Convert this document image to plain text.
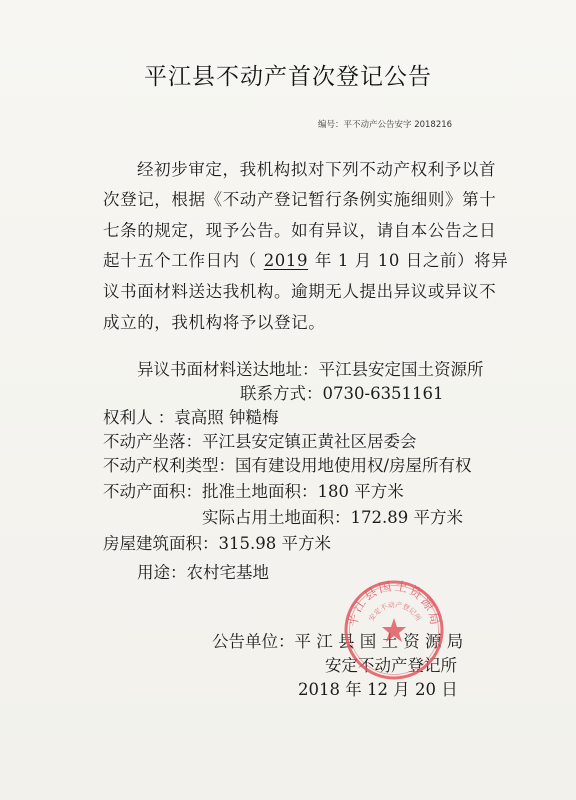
平江县不动产首次登记公告
编号：平不动产公告安字 2018216
经初步审定，我机构拟对下列不动产权利予以首
次登记，根据《不动产登记暂行条例实施细则》第十
七条的规定，现予公告。如有异议，请自本公告之日
起十五个工作日内（ 2019 年 1 月 10 日之前）将异
议书面材料送达我机构。逾期无人提出异议或异议不
成立的，我机构将予以登记。
异议书面材料送达地址：平江县安定国土资源所
联系方式：0730-6351161
权利人 ：袁高照 钟糙梅
不动产坐落：平江县安定镇正黄社区居委会
不动产权利类型：国有建设用地使用权/房屋所有权
不动产面积：批准土地面积：180 平方米
实际占用土地面积：172.89 平方米
房屋建筑面积：315.98 平方米
用途：农村宅基地
公告单位：平 江 县 国 土 资 源 局
安定不动产登记所
2018 年 12 月 20 日
平江县国土资源局
安定不动产登记所
